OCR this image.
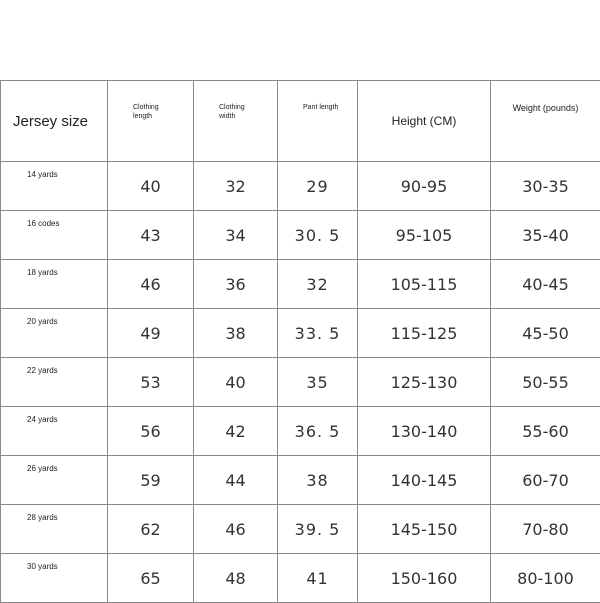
Jersey size	Clothing length	Clothing width	Pant length	Height (CM)	Weight (pounds)
14 yards	40	32	29	90-95	30-35
16 codes	43	34	30. 5	95-105	35-40
18 yards	46	36	32	105-115	40-45
20 yards	49	38	33. 5	115-125	45-50
22 yards	53	40	35	125-130	50-55
24 yards	56	42	36. 5	130-140	55-60
26 yards	59	44	38	140-145	60-70
28 yards	62	46	39. 5	145-150	70-80
30 yards	65	48	41	150-160	80-100
